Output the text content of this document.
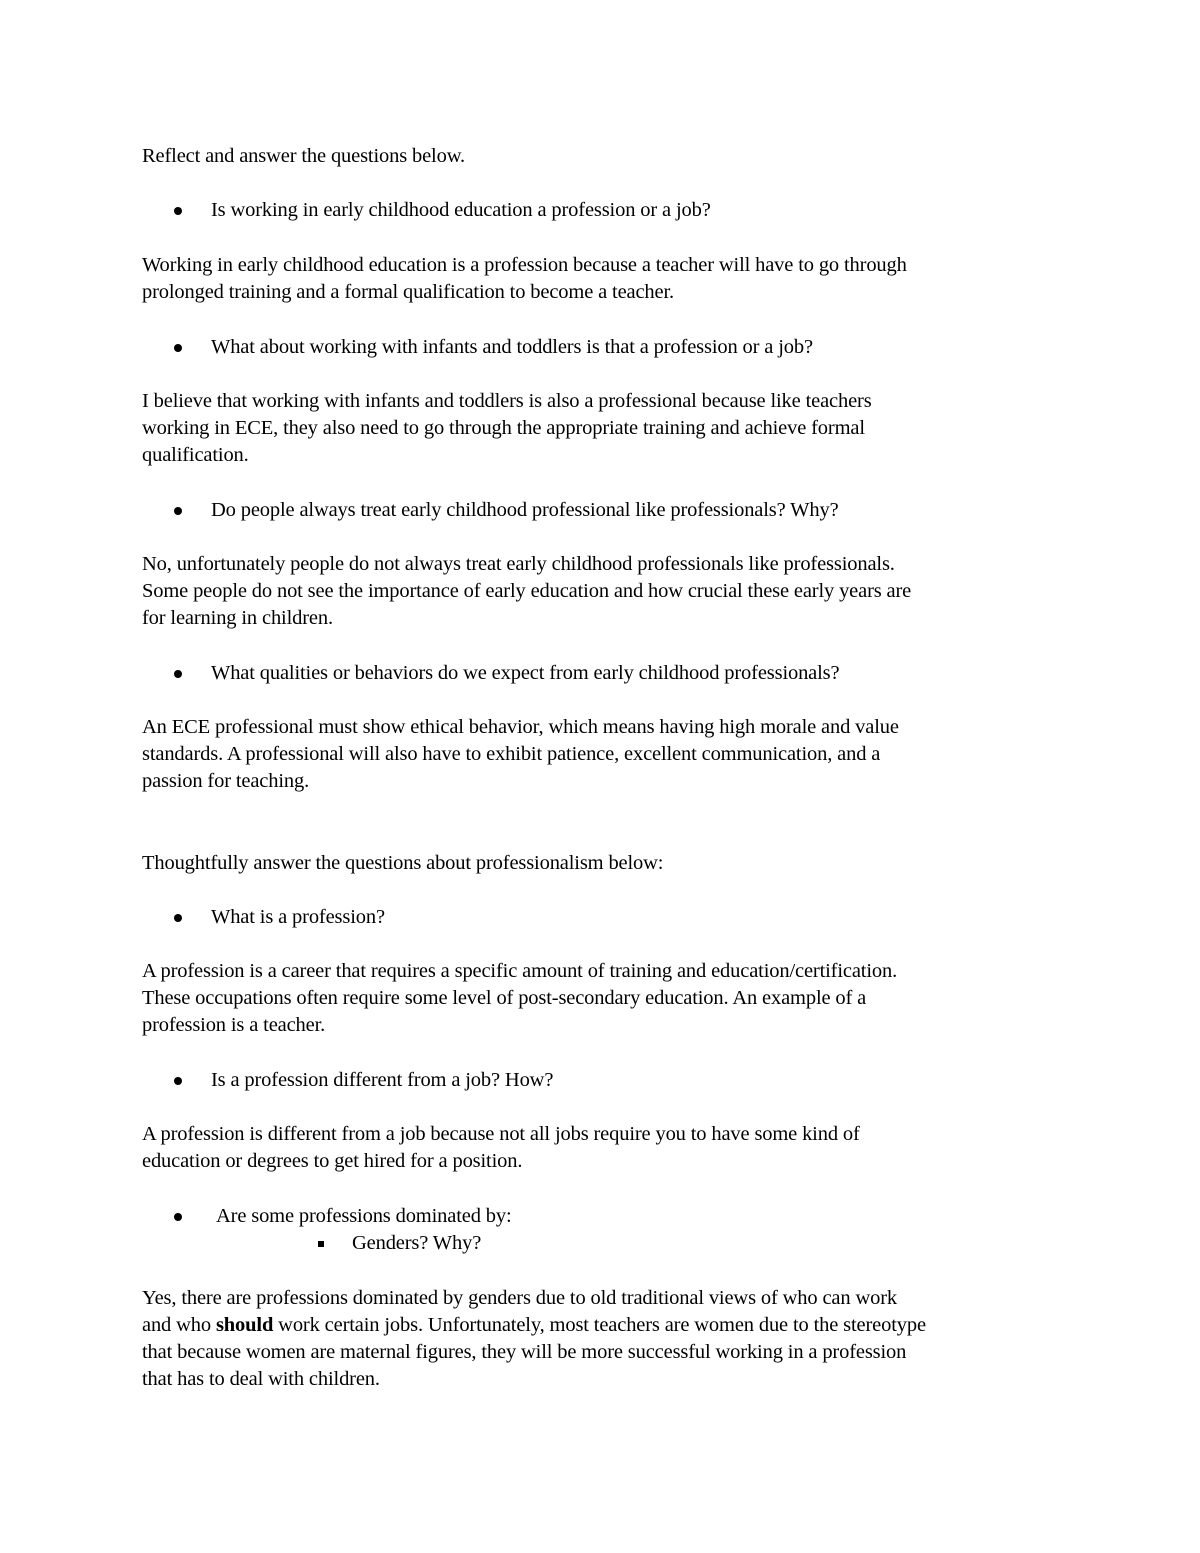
Reflect and answer the questions below.
Is working in early childhood education a profession or a job?
Working in early childhood education is a profession because a teacher will have to go through
prolonged training and a formal qualification to become a teacher.
What about working with infants and toddlers is that a profession or a job?
I believe that working with infants and toddlers is also a professional because like teachers
working in ECE, they also need to go through the appropriate training and achieve formal
qualification.
Do people always treat early childhood professional like professionals? Why?
No, unfortunately people do not always treat early childhood professionals like professionals.
Some people do not see the importance of early education and how crucial these early years are
for learning in children.
What qualities or behaviors do we expect from early childhood professionals?
An ECE professional must show ethical behavior, which means having high morale and value
standards. A professional will also have to exhibit patience, excellent communication, and a
passion for teaching.
Thoughtfully answer the questions about professionalism below:
What is a profession?
A profession is a career that requires a specific amount of training and education/certification.
These occupations often require some level of post-secondary education. An example of a
profession is a teacher.
Is a profession different from a job? How?
A profession is different from a job because not all jobs require you to have some kind of
education or degrees to get hired for a position.
Are some professions dominated by:
Genders? Why?
Yes, there are professions dominated by genders due to old traditional views of who can work
and who should work certain jobs. Unfortunately, most teachers are women due to the stereotype
that because women are maternal figures, they will be more successful working in a profession
that has to deal with children.
